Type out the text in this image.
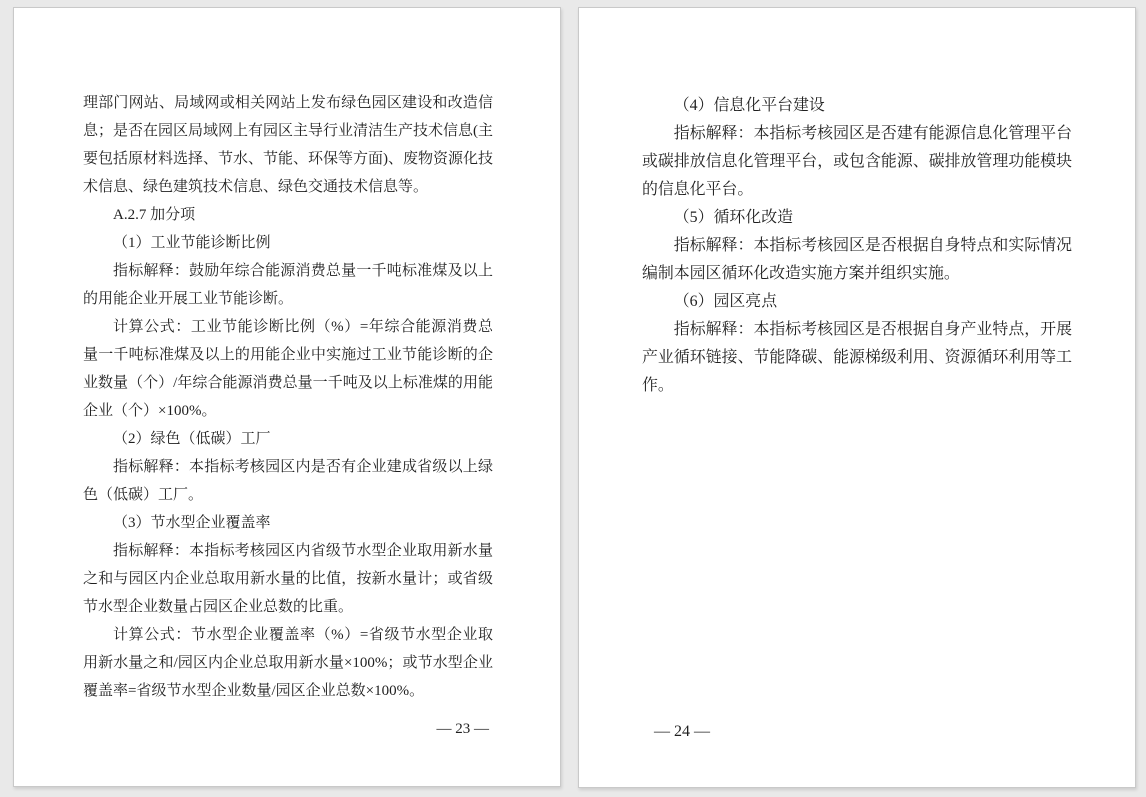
理部门网站、局域网或相关网站上发布绿色园区建设和改造信息；是否在园区局域网上有园区主导行业清洁生产技术信息(主要包括原材料选择、节水、节能、环保等方面)、废物资源化技术信息、绿色建筑技术信息、绿色交通技术信息等。

A.2.7 加分项

（1）工业节能诊断比例

指标解释：鼓励年综合能源消费总量一千吨标准煤及以上的用能企业开展工业节能诊断。

计算公式：工业节能诊断比例（%）=年综合能源消费总量一千吨标准煤及以上的用能企业中实施过工业节能诊断的企业数量（个）/年综合能源消费总量一千吨及以上标准煤的用能企业（个）×100%。

（2）绿色（低碳）工厂

指标解释：本指标考核园区内是否有企业建成省级以上绿色（低碳）工厂。

（3）节水型企业覆盖率

指标解释：本指标考核园区内省级节水型企业取用新水量之和与园区内企业总取用新水量的比值，按新水量计；或省级节水型企业数量占园区企业总数的比重。

计算公式：节水型企业覆盖率（%）=省级节水型企业取用新水量之和/园区内企业总取用新水量×100%；或节水型企业覆盖率=省级节水型企业数量/园区企业总数×100%。

— 23 —

（4）信息化平台建设

指标解释：本指标考核园区是否建有能源信息化管理平台或碳排放信息化管理平台，或包含能源、碳排放管理功能模块的信息化平台。

（5）循环化改造

指标解释：本指标考核园区是否根据自身特点和实际情况编制本园区循环化改造实施方案并组织实施。

（6）园区亮点

指标解释：本指标考核园区是否根据自身产业特点，开展产业循环链接、节能降碳、能源梯级利用、资源循环利用等工作。

— 24 —
